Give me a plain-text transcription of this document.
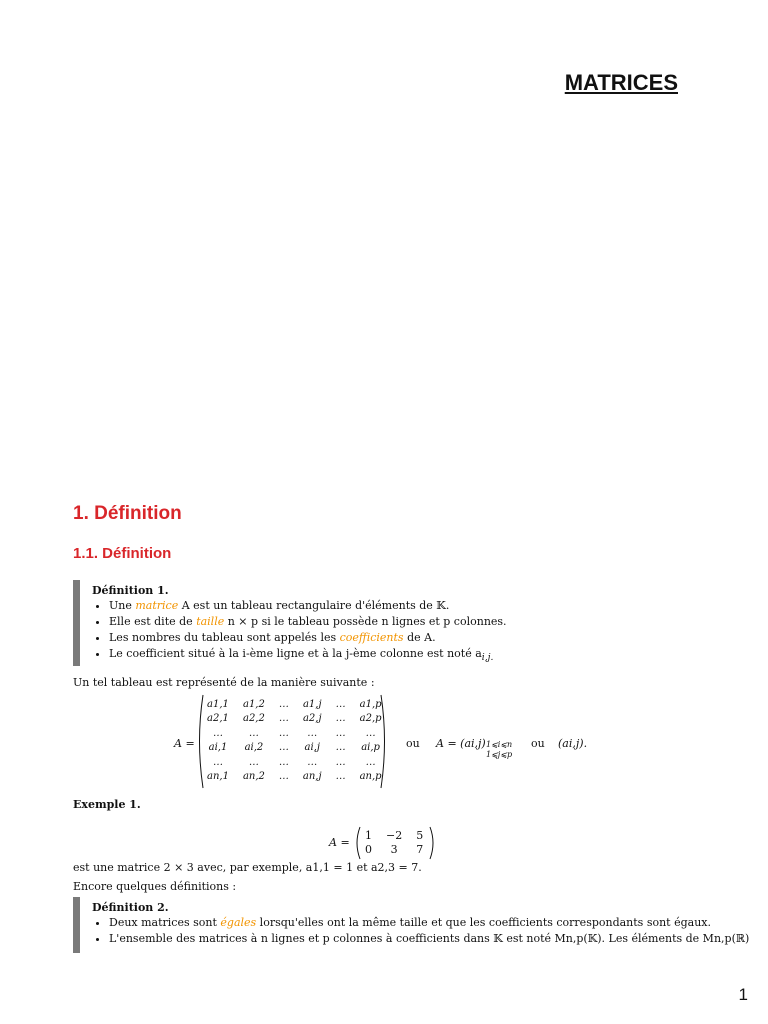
MATRICES
1. Définition
1.1. Définition
Définition 1.
• Une matrice A est un tableau rectangulaire d'éléments de 𝕂.
• Elle est dite de taille n × p si le tableau possède n lignes et p colonnes.
• Les nombres du tableau sont appelés les coefficients de A.
• Le coefficient situé à la i-ème ligne et à la j-ème colonne est noté $a_{i,j.}$
Un tel tableau est représenté de la manière suivante :
A =
a1,1	a1,2	…	a1,j	…	a1,p
a2,1	a2,2	…	a2,j	…	a2,p
…	…	…	…	…	…
ai,1	ai,2	…	ai,j	…	ai,p
…	…	…	…	…	…
an,1	an,2	…	an,j	…	an,p
ou A = (ai,j) 1⩽i⩽n
1⩽j⩽p
ou (ai,j).
Exemple 1.
A =
1	−2	5
0	3	7
est une matrice 2 × 3 avec, par exemple, a1,1 = 1 et a2,3 = 7.
Encore quelques définitions :
Définition 2.
• Deux matrices sont égales lorsqu'elles ont la même taille et que les coefficients correspondants sont égaux.
• L'ensemble des matrices à n lignes et p colonnes à coefficients dans 𝕂 est noté Mn,p(𝕂). Les éléments de Mn,p(ℝ)
1
